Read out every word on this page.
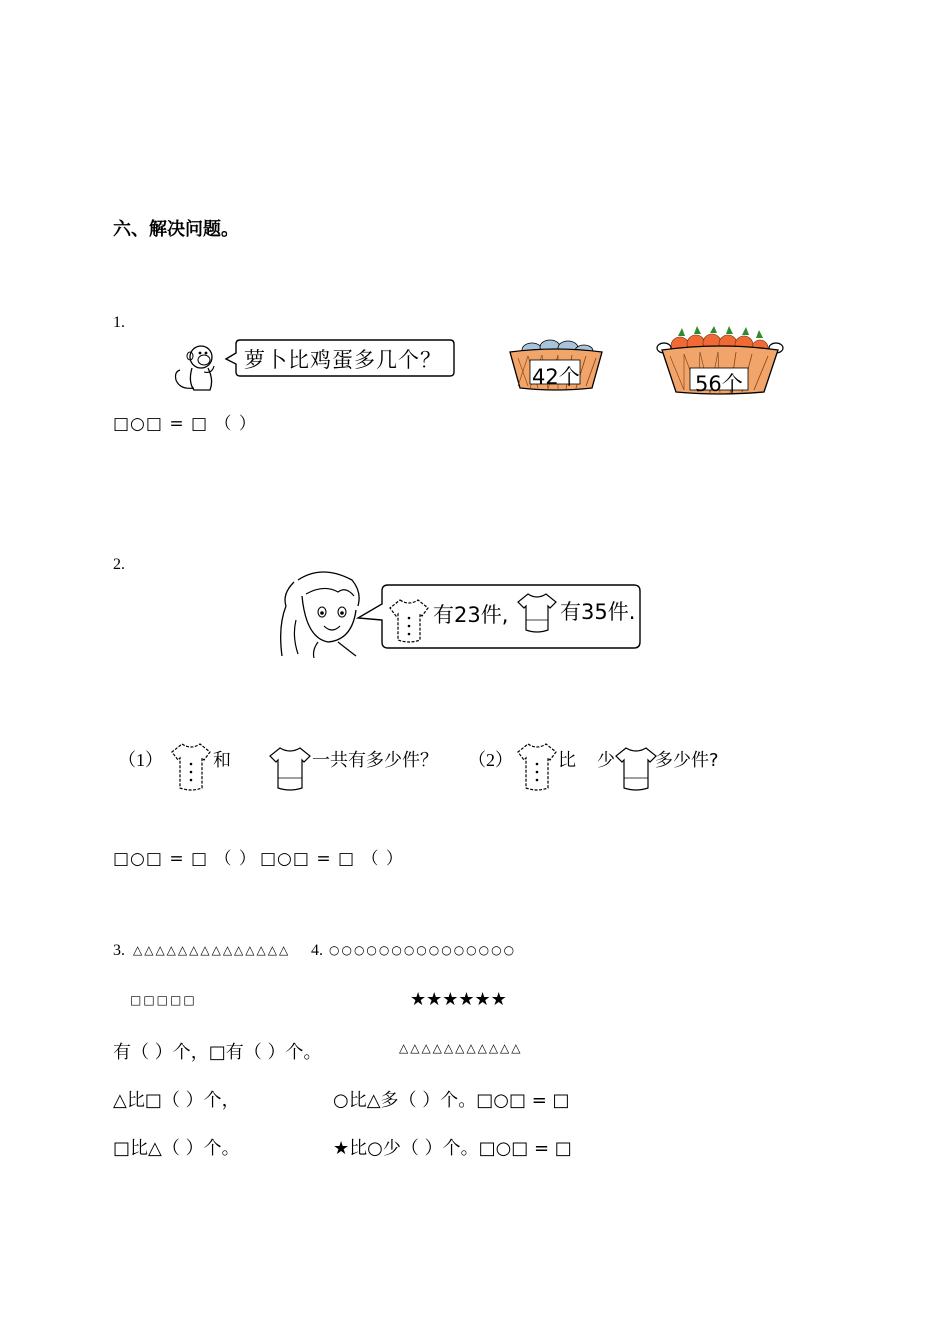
六、解决问题。
1.
萝卜比鸡蛋多几个？
42个	56个
□○□ = □ （ ）
2.
有23件, 有35件.
（1）	和	一共有多少件？ （2）	比 少 多少件?
□○□ = □ （ ） □○□ = □ （ ）
3. △△△△△△△△△△△△△△ 4. ○○○○○○○○○○○○○○○
□□□□□	★★★★★★
有（ ）个，□有（ ）个。	△△△△△△△△△△△
△比□（ ）个，	○比△多（ ）个。□○□ = □
□比△（ ）个。	★比○少（ ）个。□○□ = □
